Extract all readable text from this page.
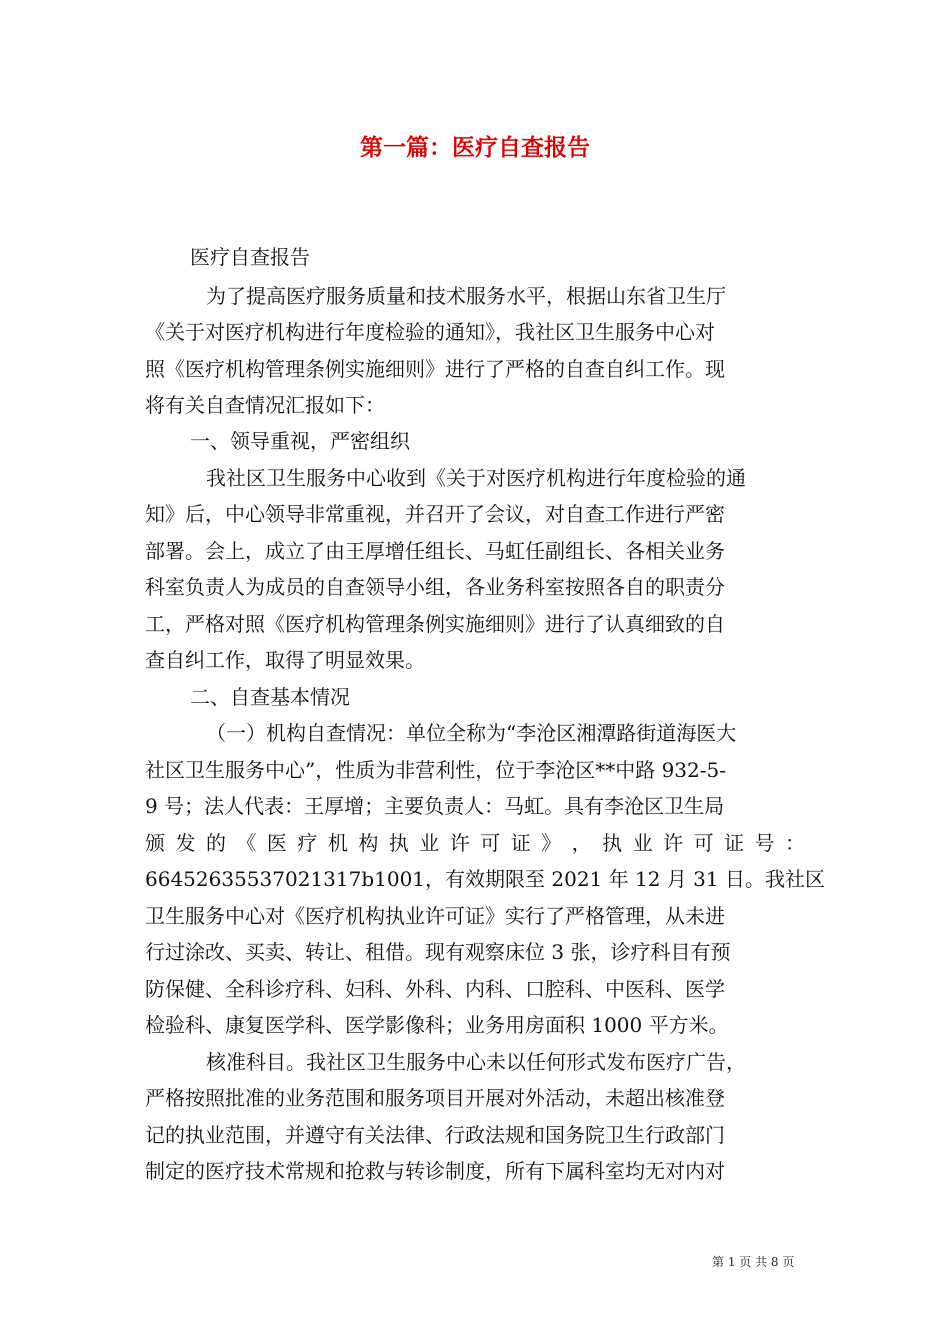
第一篇：医疗自查报告

医疗自查报告

为了提高医疗服务质量和技术服务水平，根据山东省卫生厅

《关于对医疗机构进行年度检验的通知》，我社区卫生服务中心对

照《医疗机构管理条例实施细则》进行了严格的自查自纠工作。现

将有关自查情况汇报如下：

一、领导重视，严密组织

我社区卫生服务中心收到《关于对医疗机构进行年度检验的通

知》后，中心领导非常重视，并召开了会议，对自查工作进行严密

部署。会上，成立了由王厚增任组长、马虹任副组长、各相关业务

科室负责人为成员的自查领导小组，各业务科室按照各自的职责分

工，严格对照《医疗机构管理条例实施细则》进行了认真细致的自

查自纠工作，取得了明显效果。

二、自查基本情况

（一）机构自查情况：单位全称为“李沧区湘潭路街道海医大

社区卫生服务中心”，性质为非营利性，位于李沧区**中路 932-5-

9 号；法人代表：王厚增；主要负责人：马虹。具有李沧区卫生局

颁 发 的 《 医 疗 机 构 执 业 许 可 证 》 ， 执 业 许 可 证 号 ：

66452635537021317b1001，有效期限至 2021 年 12 月 31 日。我社区

卫生服务中心对《医疗机构执业许可证》实行了严格管理，从未进

行过涂改、买卖、转让、租借。现有观察床位 3 张，诊疗科目有预

防保健、全科诊疗科、妇科、外科、内科、口腔科、中医科、医学

检验科、康复医学科、医学影像科；业务用房面积 1000 平方米。

核准科目。我社区卫生服务中心未以任何形式发布医疗广告，

严格按照批准的业务范围和服务项目开展对外活动，未超出核准登

记的执业范围，并遵守有关法律、行政法规和国务院卫生行政部门

制定的医疗技术常规和抢救与转诊制度，所有下属科室均无对内对

第 1 页 共 8 页
